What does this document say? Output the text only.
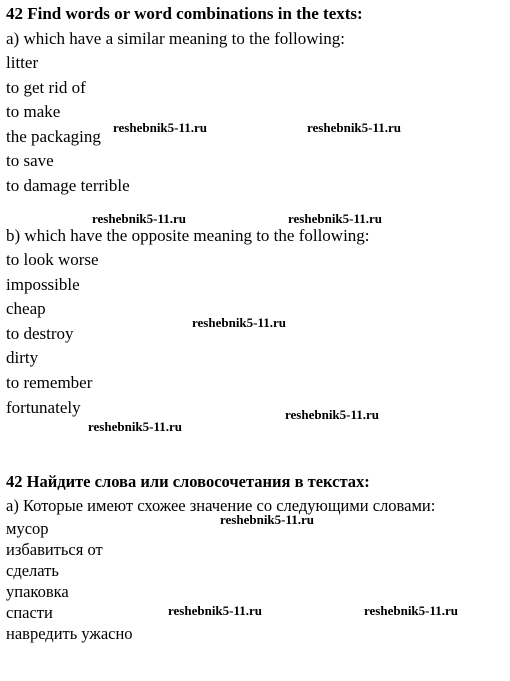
42 Find words or word combinations in the texts:
a) which have a similar meaning to the following:
litter
to get rid of
to make
the packaging
to save
to damage terrible
b) which have the opposite meaning to the following:
to look worse
impossible
cheap
to destroy
dirty
to remember
fortunately
42 Найдите слова или словосочетания в текстах:
а) Которые имеют схожее значение со следующими словами:
мусор
избавиться от
сделать
упаковка
спасти
навредить ужасно
reshebnik5-11.ru	reshebnik5-11.ru
reshebnik5-11.ru	reshebnik5-11.ru
reshebnik5-11.ru
reshebnik5-11.ru
reshebnik5-11.ru
reshebnik5-11.ru
reshebnik5-11.ru	reshebnik5-11.ru
